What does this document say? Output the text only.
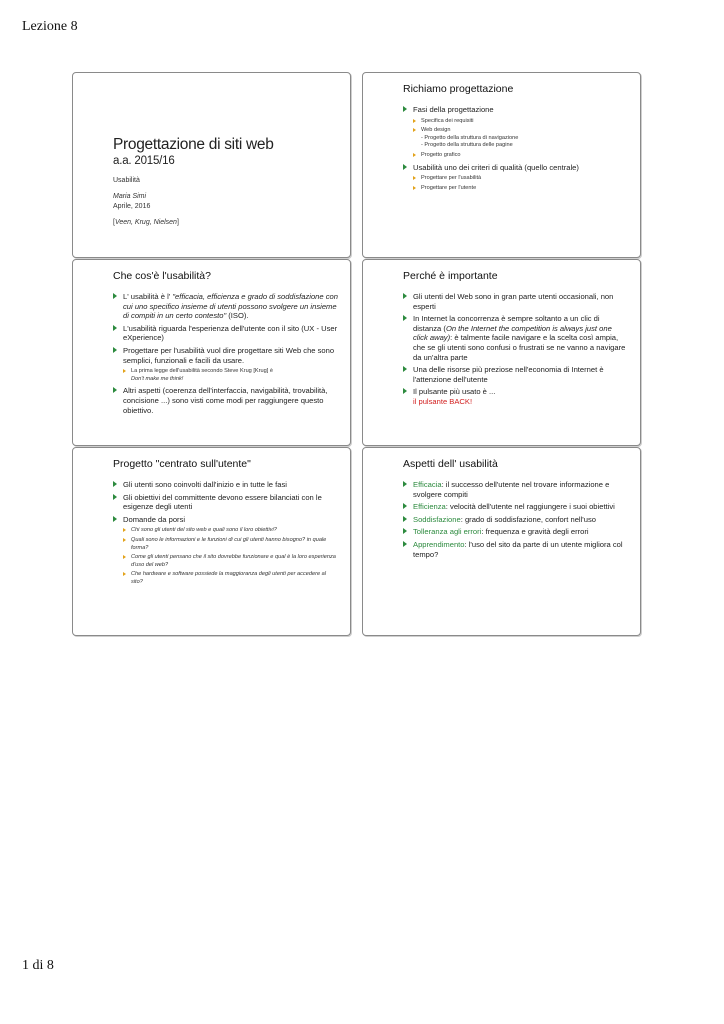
Lezione 8
Progettazione di siti web
a.a. 2015/16
Usabilità
Maria Simi
Aprile, 2016
[Veen, Krug, Nielsen]
Richiamo progettazione
Fasi della progettazione
Specifica dei requisiti
Web design
- Progetto della struttura di navigazione
- Progetto della struttura delle pagine
Progetto grafico
Usabilità uno dei criteri di qualità (quello centrale)
Progettare per l'usabilità
Progettare per l'utente
Che cos'è l'usabilità?
L' usabilità è l' "efficacia, efficienza e grado di soddisfazione con cui uno specifico insieme di utenti possono svolgere un insieme di compiti in un certo contesto" (ISO).
L'usabilità riguarda l'esperienza dell'utente con il sito (UX - User eXperience)
Progettare per l'usabilità vuol dire progettare siti Web che sono semplici, funzionali e facili da usare.
La prima legge dell'usabilità secondo Steve Krug [Krug] è
Don't make me think!
Altri aspetti (coerenza dell'interfaccia, navigabilità, trovabilità, concisione ...) sono visti come modi per raggiungere questo obiettivo.
Perché è importante
Gli utenti del Web sono in gran parte utenti occasionali, non esperti
In Internet la concorrenza è sempre soltanto a un clic di distanza (On the Internet the competition is always just one click away): è talmente facile navigare e la scelta così ampia, che se gli utenti sono confusi o frustrati se ne vanno a navigare da un'altra parte
Una delle risorse più preziose nell'economia di Internet è l'attenzione dell'utente
Il pulsante più usato è ...
il pulsante BACK!
Progetto "centrato sull'utente"
Gli utenti sono coinvolti dall'inizio e in tutte le fasi
Gli obiettivi del committente devono essere bilanciati con le esigenze degli utenti
Domande da porsi
Chi sono gli utenti del sito web e quali sono il loro obiettivi?
Quali sono le informazioni e le funzioni di cui gli utenti hanno bisogno? in quale forma?
Come gli utenti pensano che il sito dovrebbe funzionare e qual è la loro esperienza d'uso del web?
Che hardware e software possiede la maggioranza degli utenti per accedere al sito?
Aspetti dell' usabilità
Efficacia: il successo dell'utente nel trovare informazione e svolgere compiti
Efficienza: velocità dell'utente nel raggiungere i suoi obiettivi
Soddisfazione: grado di soddisfazione, confort nell'uso
Tolleranza agli errori: frequenza e gravità degli errori
Apprendimento: l'uso del sito da parte di un utente migliora col tempo?
1 di 8
